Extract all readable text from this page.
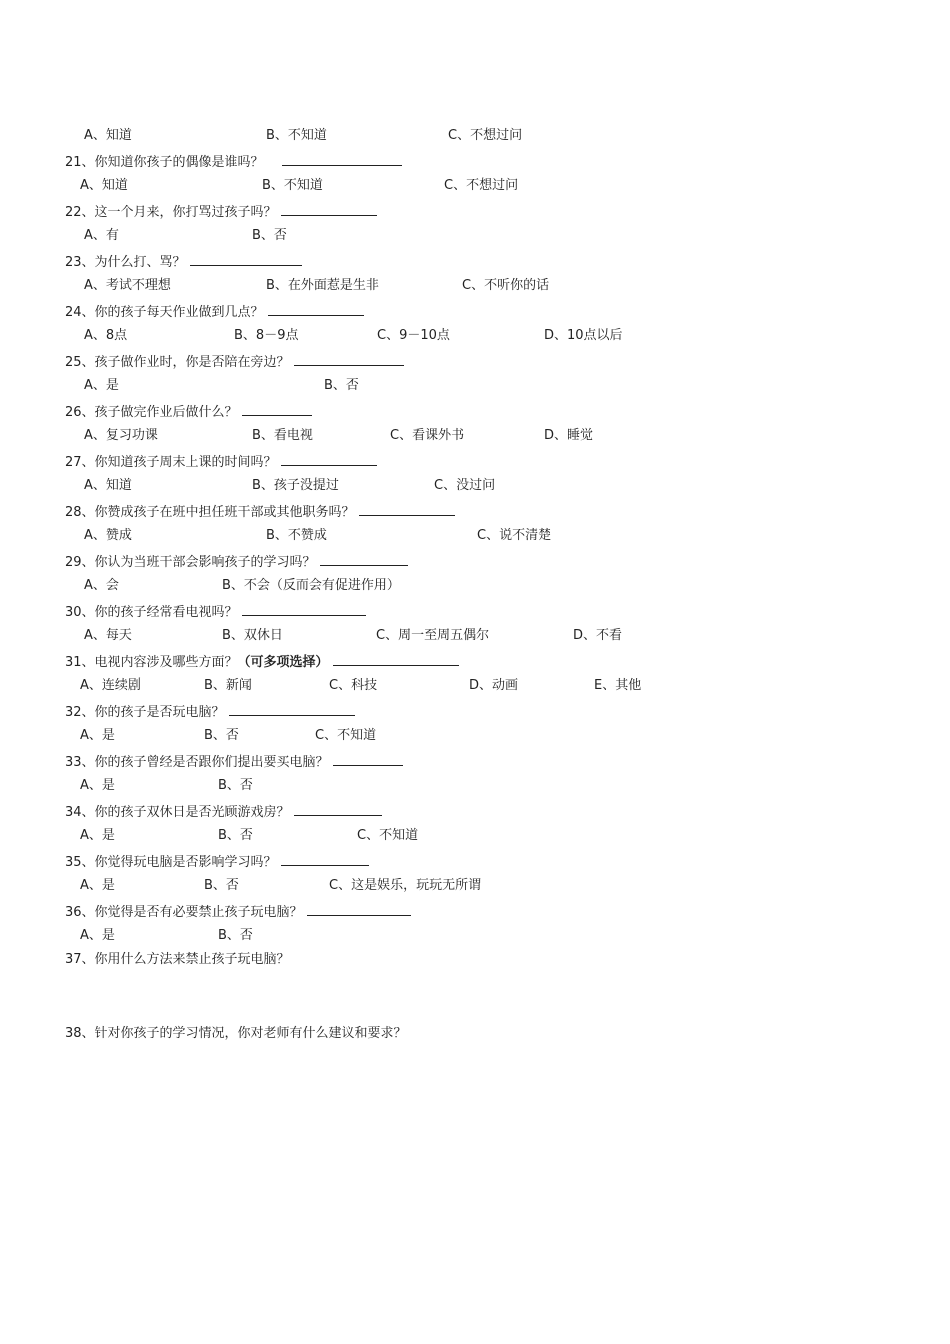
A、知道	B、不知道	C、不想过问
21、你知道你孩子的偶像是谁吗？
A、知道	B、不知道	C、不想过问
22、这一个月来，你打骂过孩子吗？
A、有	B、否
23、为什么打、骂？
A、考试不理想	B、在外面惹是生非	C、不听你的话
24、你的孩子每天作业做到几点？
A、8点	B、8－9点	C、9－10点	D、10点以后
25、孩子做作业时，你是否陪在旁边？
A、是	B、否
26、孩子做完作业后做什么？
A、复习功课	B、看电视	C、看课外书	D、睡觉
27、你知道孩子周末上课的时间吗？
A、知道	B、孩子没提过	C、没过问
28、你赞成孩子在班中担任班干部或其他职务吗？
A、赞成	B、不赞成	C、说不清楚
29、你认为当班干部会影响孩子的学习吗？
A、会	B、不会（反而会有促进作用）
30、你的孩子经常看电视吗？
A、每天	B、双休日	C、周一至周五偶尔	D、不看
31、电视内容涉及哪些方面？（可多项选择）
A、连续剧	B、新闻	C、科技	D、动画	E、其他
32、你的孩子是否玩电脑？
A、是	B、否	C、不知道
33、你的孩子曾经是否跟你们提出要买电脑？
A、是	B、否
34、你的孩子双休日是否光顾游戏房？
A、是	B、否	C、不知道
35、你觉得玩电脑是否影响学习吗？
A、是	B、否	C、这是娱乐，玩玩无所谓
36、你觉得是否有必要禁止孩子玩电脑？
A、是	B、否
37、你用什么方法来禁止孩子玩电脑？
38、针对你孩子的学习情况，你对老师有什么建议和要求？
